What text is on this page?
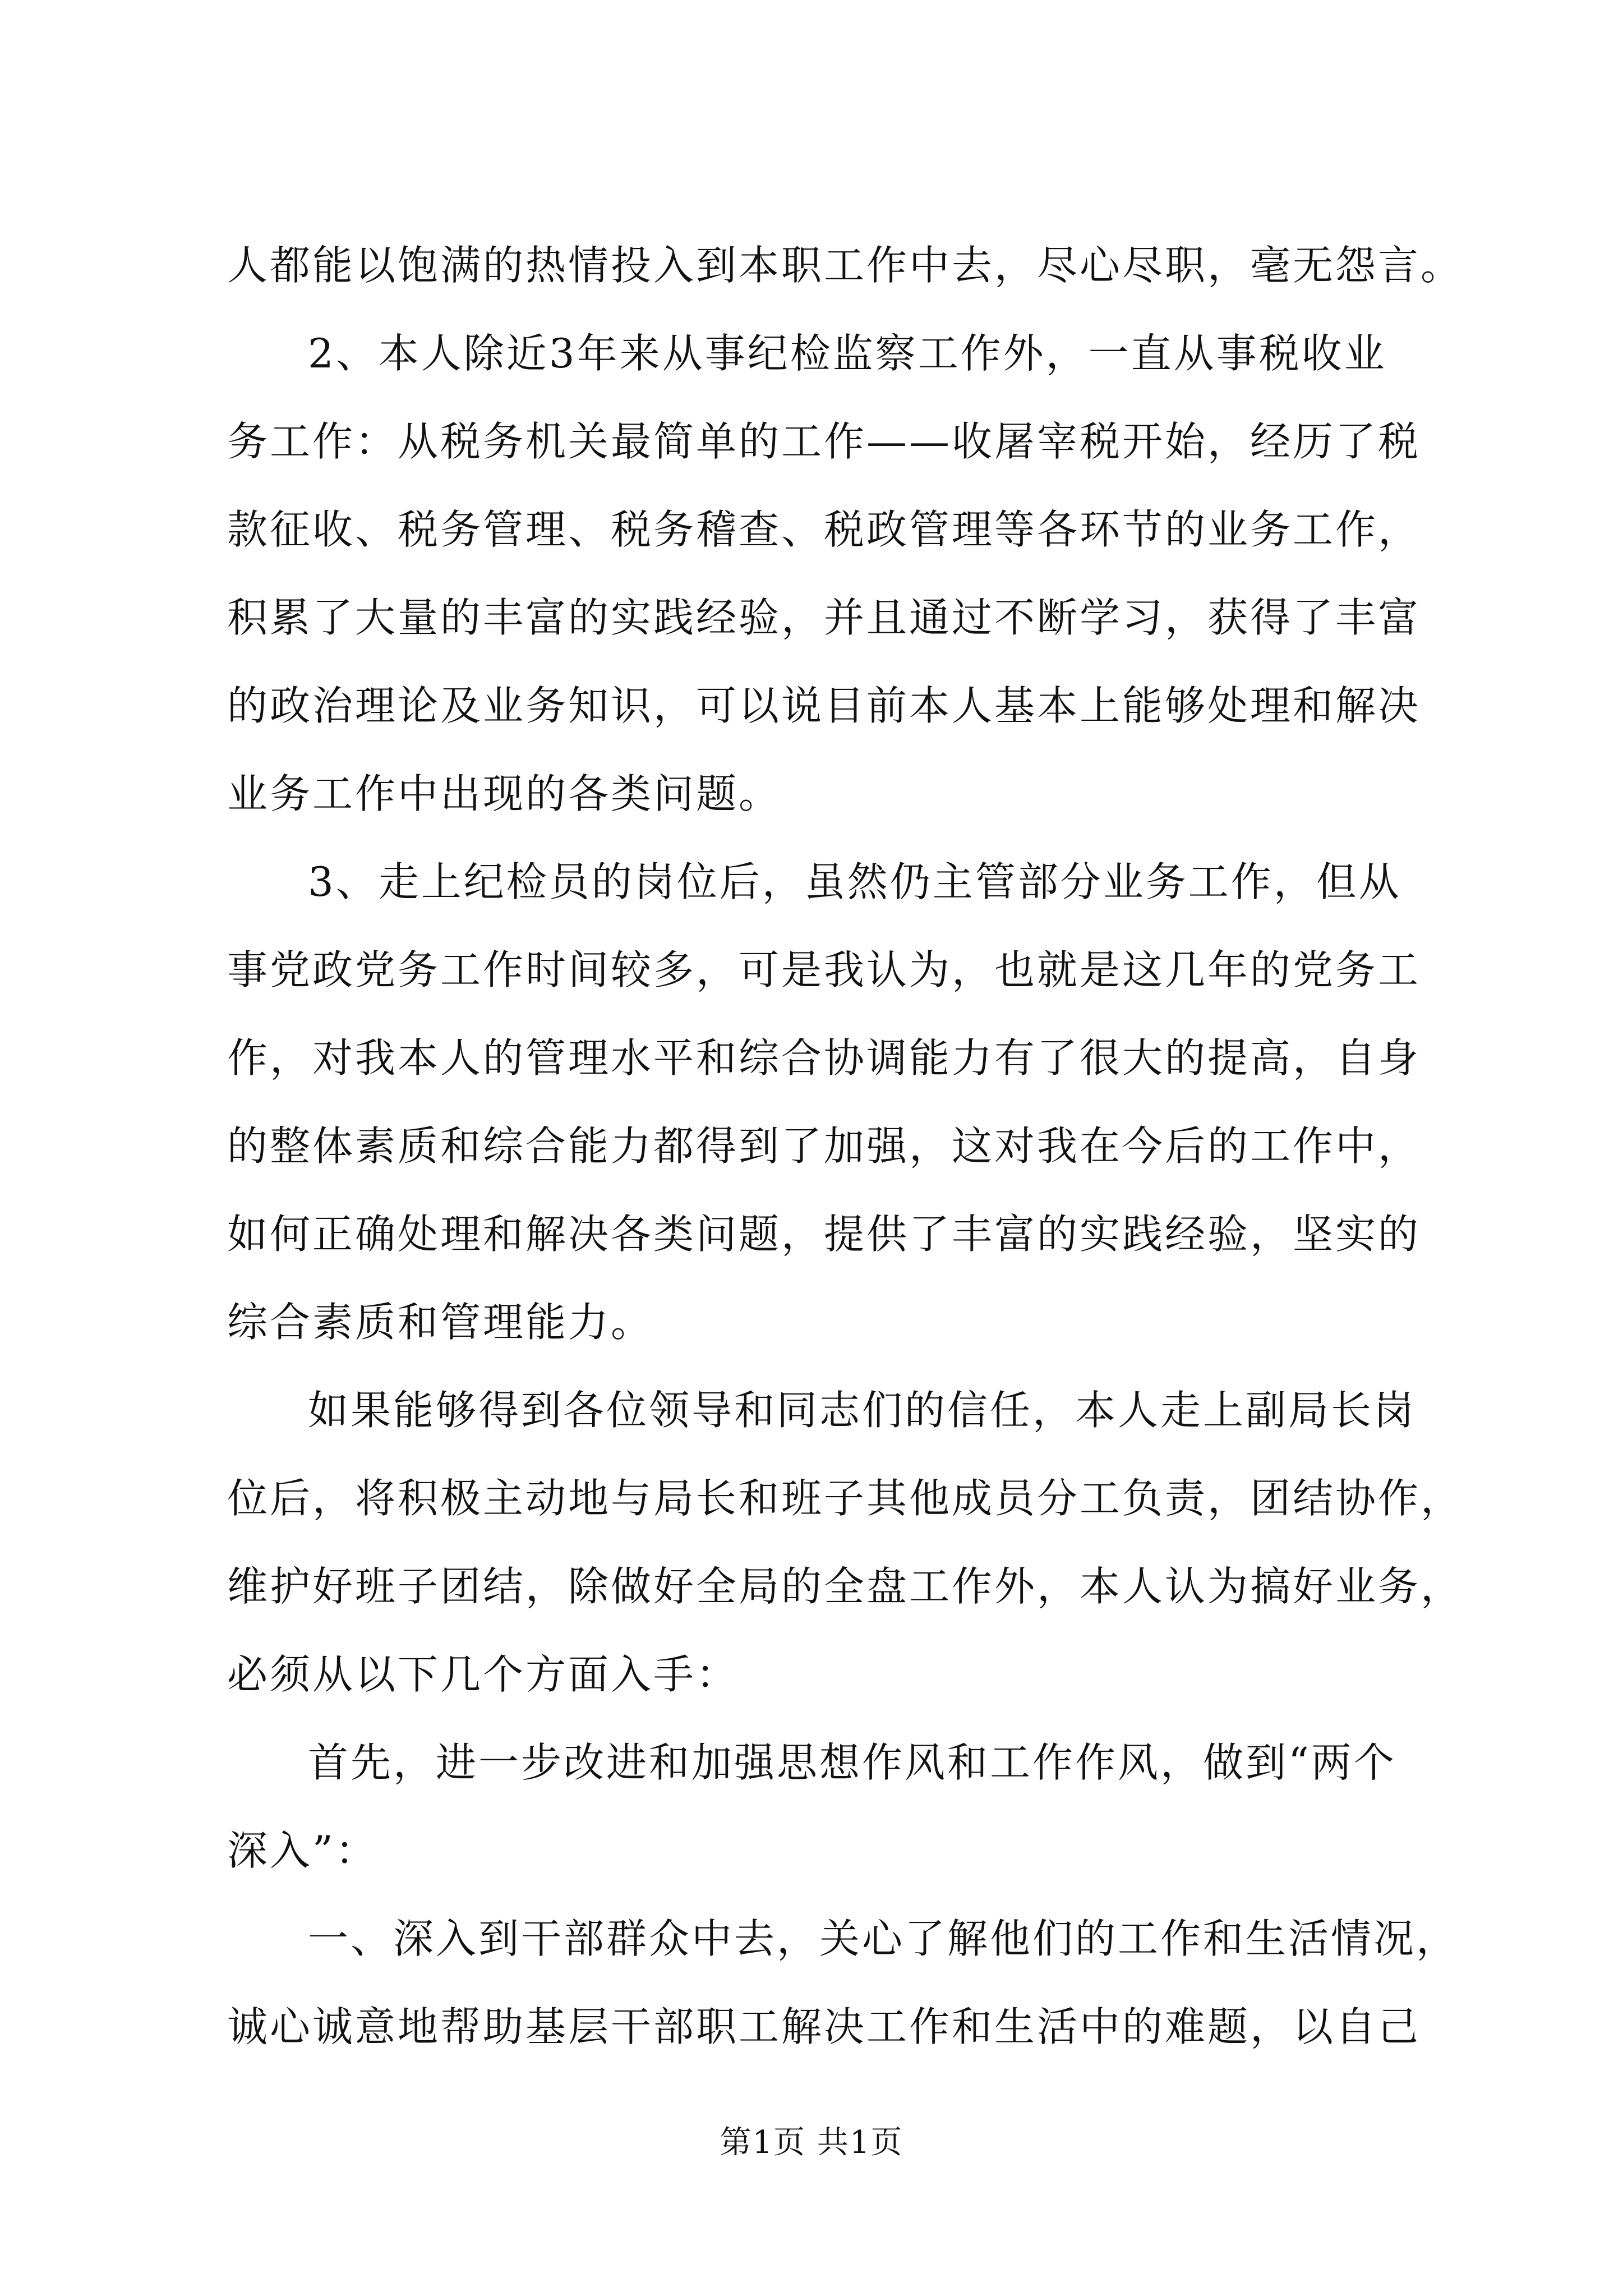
人都能以饱满的热情投入到本职工作中去，尽心尽职，毫无怨言。
2、本人除近3年来从事纪检监察工作外，一直从事税收业
务工作：从税务机关最简单的工作——收屠宰税开始，经历了税
款征收、税务管理、税务稽查、税政管理等各环节的业务工作，
积累了大量的丰富的实践经验，并且通过不断学习，获得了丰富
的政治理论及业务知识，可以说目前本人基本上能够处理和解决
业务工作中出现的各类问题。
3、走上纪检员的岗位后，虽然仍主管部分业务工作，但从
事党政党务工作时间较多，可是我认为，也就是这几年的党务工
作，对我本人的管理水平和综合协调能力有了很大的提高，自身
的整体素质和综合能力都得到了加强，这对我在今后的工作中，
如何正确处理和解决各类问题，提供了丰富的实践经验，坚实的
综合素质和管理能力。
如果能够得到各位领导和同志们的信任，本人走上副局长岗
位后，将积极主动地与局长和班子其他成员分工负责，团结协作，
维护好班子团结，除做好全局的全盘工作外，本人认为搞好业务，
必须从以下几个方面入手：
首先，进一步改进和加强思想作风和工作作风，做到“两个
深入”：
一、深入到干部群众中去，关心了解他们的工作和生活情况，
诚心诚意地帮助基层干部职工解决工作和生活中的难题，以自己
第1页 共1页
